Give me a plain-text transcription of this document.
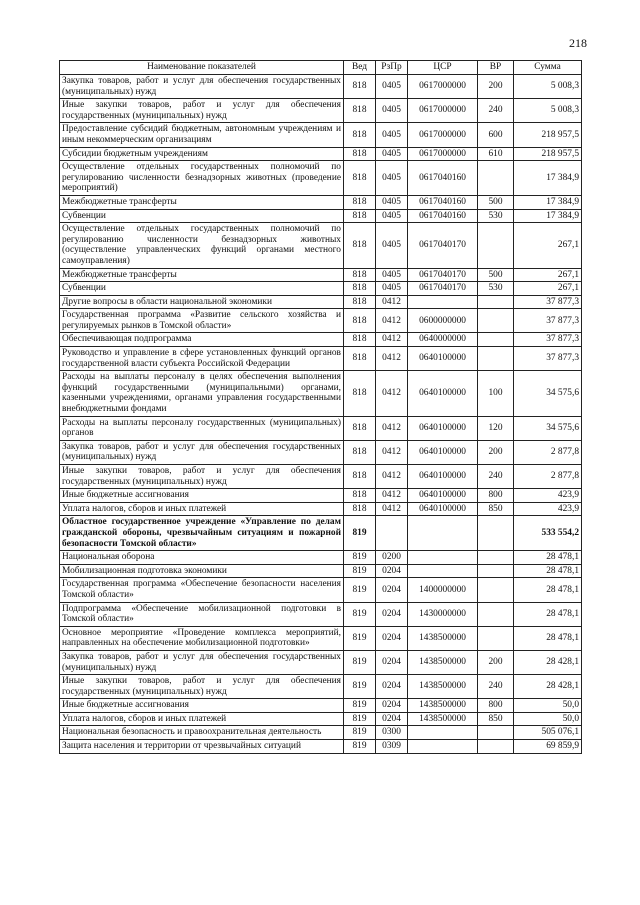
218
Наименование показателей	Вед	РзПр	ЦСР	ВР	Сумма
Закупка товаров, работ и услуг для обеспечения государственных (муниципальных) нужд	818	0405	0617000000	200	5 008,3
Иные закупки товаров, работ и услуг для обеспечения государственных (муниципальных) нужд	818	0405	0617000000	240	5 008,3
Предоставление субсидий бюджетным, автономным учреждениям и иным некоммерческим организациям	818	0405	0617000000	600	218 957,5
Субсидии бюджетным учреждениям	818	0405	0617000000	610	218 957,5
Осуществление отдельных государственных полномочий по регулированию численности безнадзорных животных (проведение мероприятий)	818	0405	0617040160		17 384,9
Межбюджетные трансферты	818	0405	0617040160	500	17 384,9
Субвенции	818	0405	0617040160	530	17 384,9
Осуществление отдельных государственных полномочий по регулированию численности безнадзорных животных (осуществление управленческих функций органами местного самоуправления)	818	0405	0617040170		267,1
Межбюджетные трансферты	818	0405	0617040170	500	267,1
Субвенции	818	0405	0617040170	530	267,1
Другие вопросы в области национальной экономики	818	0412			37 877,3
Государственная программа «Развитие сельского хозяйства и регулируемых рынков в Томской области»	818	0412	0600000000		37 877,3
Обеспечивающая подпрограмма	818	0412	0640000000		37 877,3
Руководство и управление в сфере установленных функций органов государственной власти субъекта Российской Федерации	818	0412	0640100000		37 877,3
Расходы на выплаты персоналу в целях обеспечения выполнения функций государственными (муниципальными) органами, казенными учреждениями, органами управления государственными внебюджетными фондами	818	0412	0640100000	100	34 575,6
Расходы на выплаты персоналу государственных (муниципальных) органов	818	0412	0640100000	120	34 575,6
Закупка товаров, работ и услуг для обеспечения государственных (муниципальных) нужд	818	0412	0640100000	200	2 877,8
Иные закупки товаров, работ и услуг для обеспечения государственных (муниципальных) нужд	818	0412	0640100000	240	2 877,8
Иные бюджетные ассигнования	818	0412	0640100000	800	423,9
Уплата налогов, сборов и иных платежей	818	0412	0640100000	850	423,9
Областное государственное учреждение «Управление по делам гражданской обороны, чрезвычайным ситуациям и пожарной безопасности Томской области»	819				533 554,2
Национальная оборона	819	0200			28 478,1
Мобилизационная подготовка экономики	819	0204			28 478,1
Государственная программа «Обеспечение безопасности населения Томской области»	819	0204	1400000000		28 478,1
Подпрограмма «Обеспечение мобилизационной подготовки в Томской области»	819	0204	1430000000		28 478,1
Основное мероприятие «Проведение комплекса мероприятий, направленных на обеспечение мобилизационной подготовки»	819	0204	1438500000		28 478,1
Закупка товаров, работ и услуг для обеспечения государственных (муниципальных) нужд	819	0204	1438500000	200	28 428,1
Иные закупки товаров, работ и услуг для обеспечения государственных (муниципальных) нужд	819	0204	1438500000	240	28 428,1
Иные бюджетные ассигнования	819	0204	1438500000	800	50,0
Уплата налогов, сборов и иных платежей	819	0204	1438500000	850	50,0
Национальная безопасность и правоохранительная деятельность	819	0300			505 076,1
Защита населения и территории от чрезвычайных ситуаций	819	0309			69 859,9
